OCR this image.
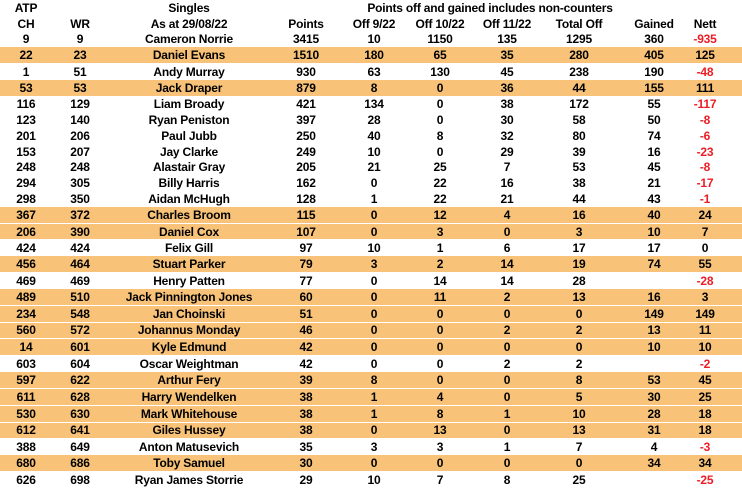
ATP		Singles	Points off and gained includes non-counters						
CH	WR	As at 29/08/22	Points	Off 9/22	Off 10/22	Off 11/22	Total Off	Gained	Nett
9	9	Cameron Norrie	3415	10	1150	135	1295	360	-935
22	23	Daniel Evans	1510	180	65	35	280	405	125
1	51	Andy Murray	930	63	130	45	238	190	-48
53	53	Jack Draper	879	8	0	36	44	155	111
116	129	Liam Broady	421	134	0	38	172	55	-117
123	140	Ryan Peniston	397	28	0	30	58	50	-8
201	206	Paul Jubb	250	40	8	32	80	74	-6
153	207	Jay Clarke	249	10	0	29	39	16	-23
248	248	Alastair Gray	205	21	25	7	53	45	-8
294	305	Billy Harris	162	0	22	16	38	21	-17
298	350	Aidan McHugh	128	1	22	21	44	43	-1
367	372	Charles Broom	115	0	12	4	16	40	24
206	390	Daniel Cox	107	0	3	0	3	10	7
424	424	Felix Gill	97	10	1	6	17	17	0
456	464	Stuart Parker	79	3	2	14	19	74	55
469	469	Henry Patten	77	0	14	14	28		-28
489	510	Jack Pinnington Jones	60	0	11	2	13	16	3
234	548	Jan Choinski	51	0	0	0	0	149	149
560	572	Johannus Monday	46	0	0	2	2	13	11
14	601	Kyle Edmund	42	0	0	0	0	10	10
603	604	Oscar Weightman	42	0	0	2	2		-2
597	622	Arthur Fery	39	8	0	0	8	53	45
611	628	Harry Wendelken	38	1	4	0	5	30	25
530	630	Mark Whitehouse	38	1	8	1	10	28	18
612	641	Giles Hussey	38	0	13	0	13	31	18
388	649	Anton Matusevich	35	3	3	1	7	4	-3
680	686	Toby Samuel	30	0	0	0	0	34	34
626	698	Ryan James Storrie	29	10	7	8	25		-25
